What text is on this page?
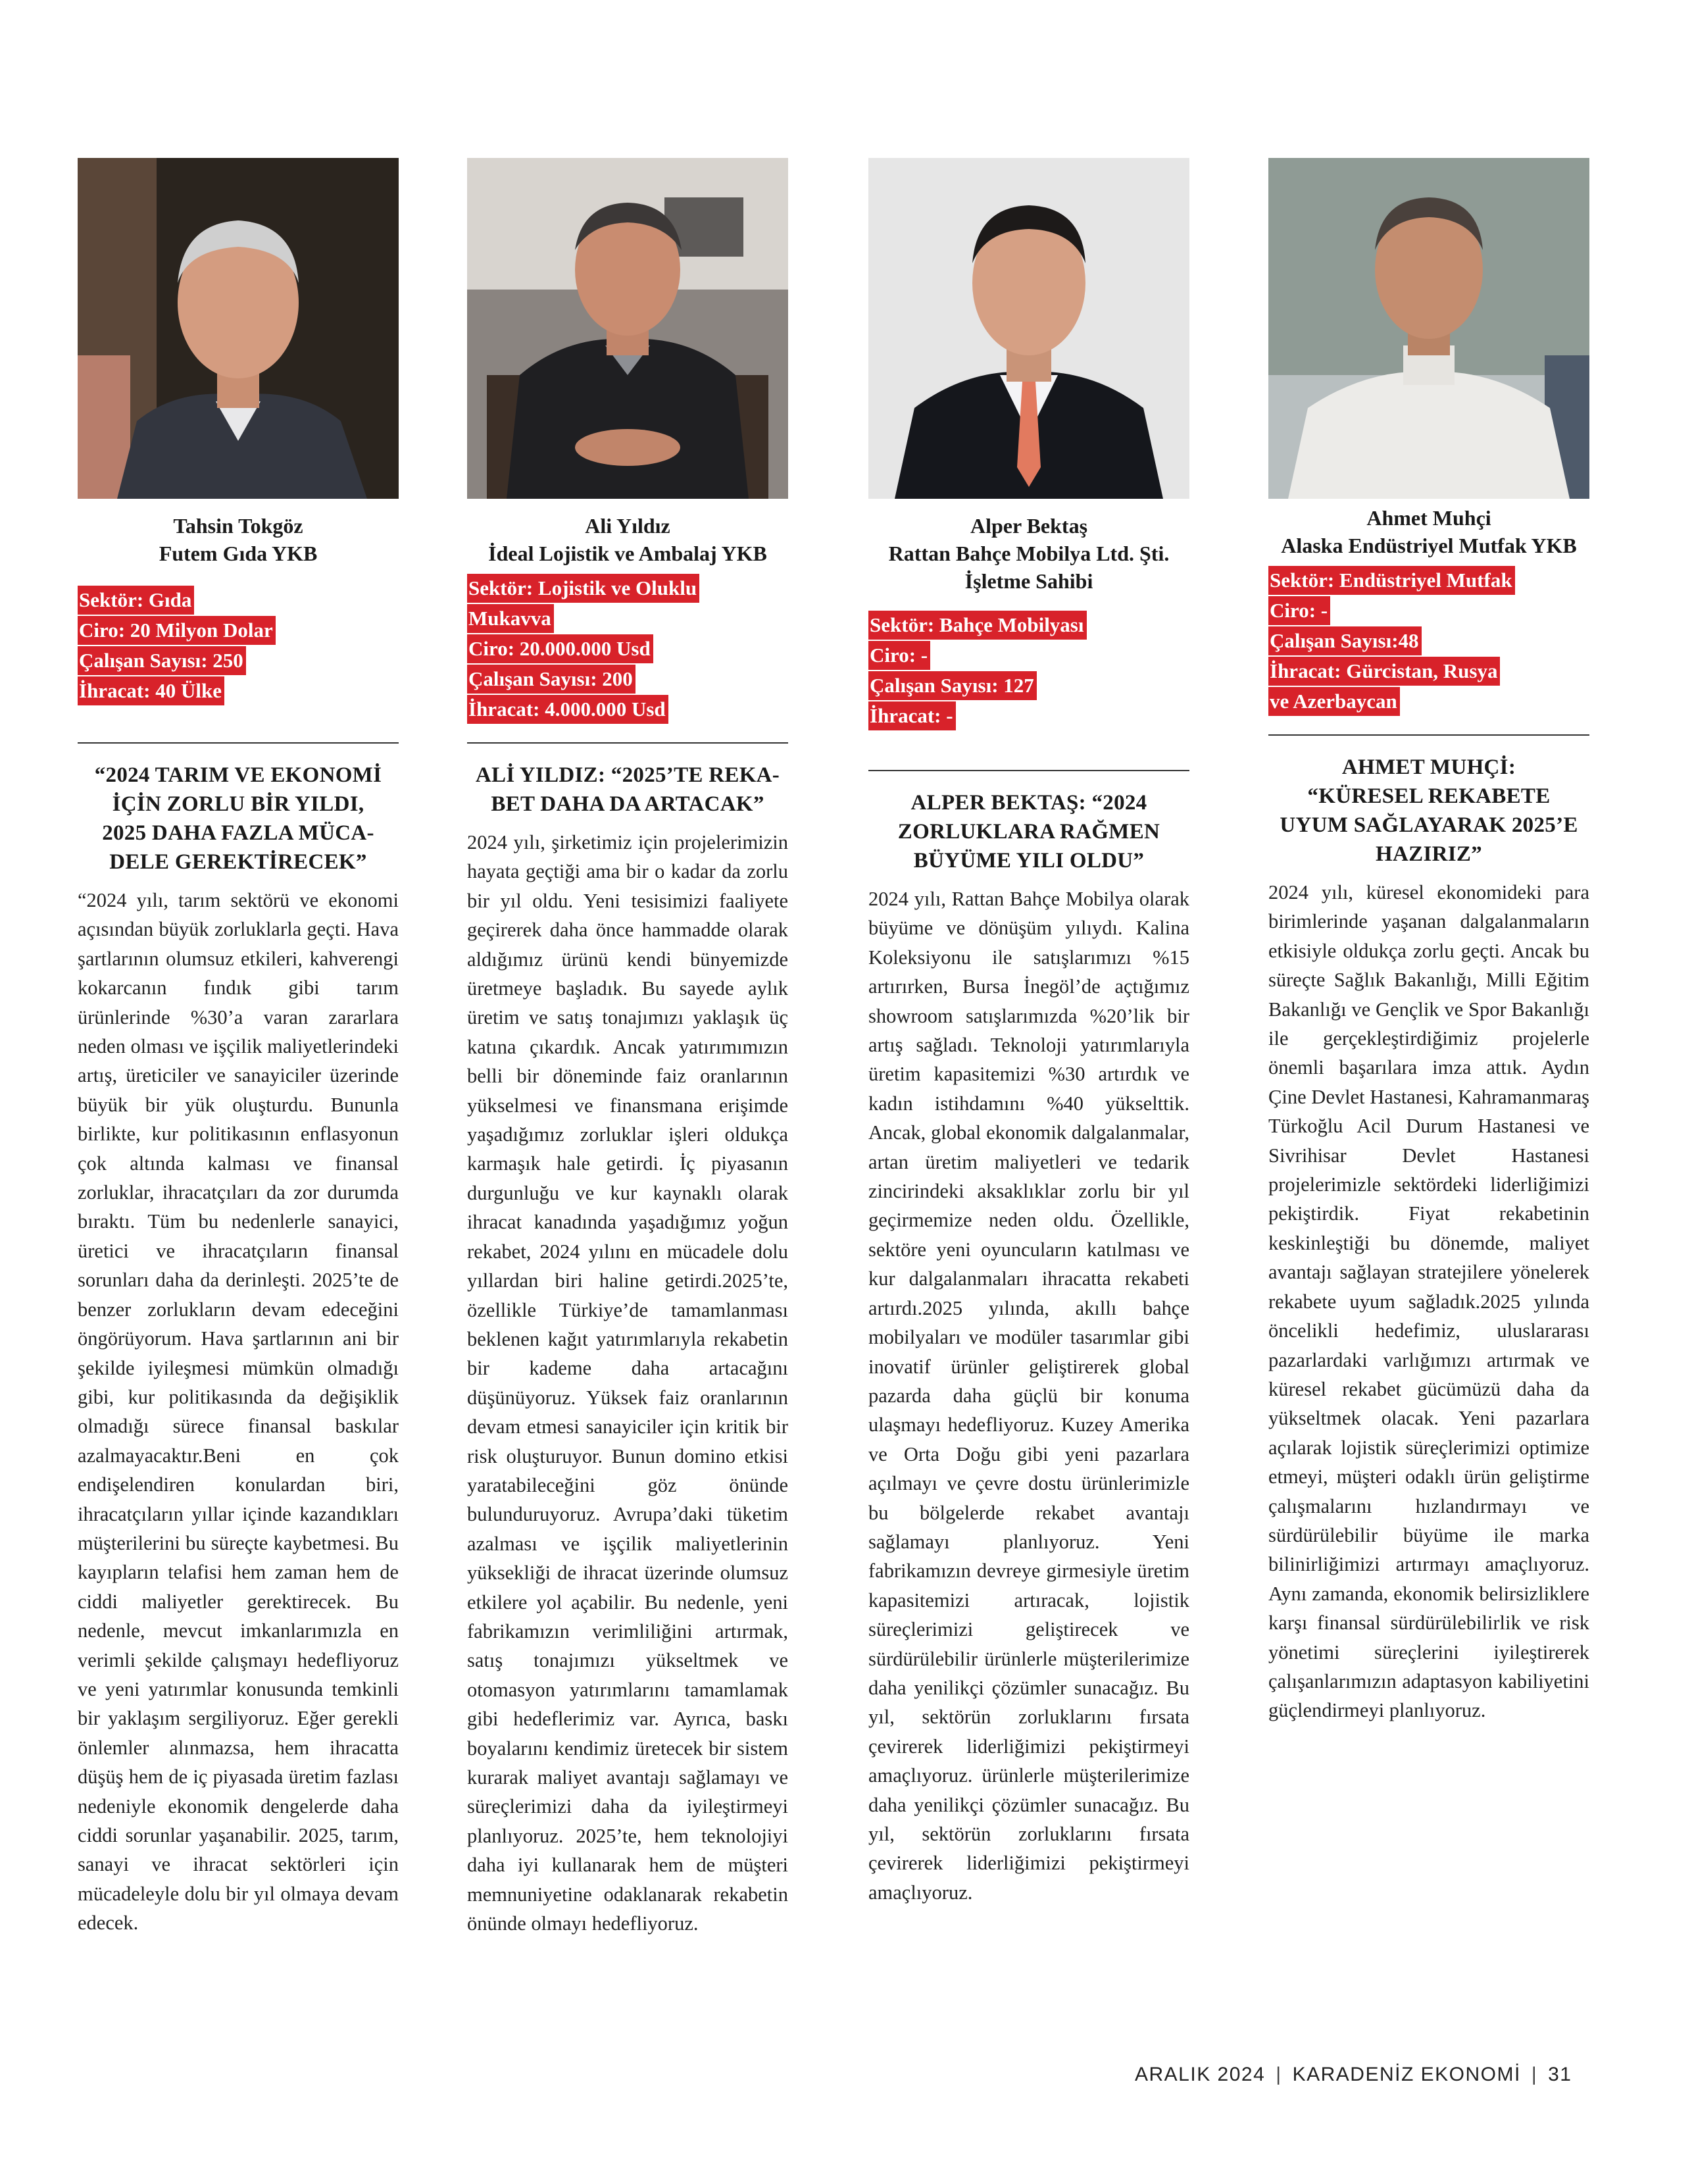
Tahsin Tokgöz
Futem Gıda YKB
Sektör: Gıda
Ciro: 20 Milyon Dolar
Çalışan Sayısı: 250
İhracat: 40 Ülke
“2024 TARIM VE EKONOMİ
İÇİN ZORLU BİR YILDI,
2025 DAHA FAZLA MÜCA-
DELE GEREKTİRECEK”
“2024 yılı, tarım sektörü ve ekonomi açısından büyük zorluklarla geçti. Hava şartlarının olumsuz etkileri, kahverengi kokarcanın fındık gibi tarım ürünlerinde %30’a varan zararlara neden olması ve işçilik maliyetlerindeki artış, üreticiler ve sanayiciler üzerinde büyük bir yük oluşturdu. Bununla birlikte, kur politikasının enflasyonun çok altında kalması ve finansal zorluklar, ihracatçıları da zor durumda bıraktı. Tüm bu nedenlerle sanayici, üretici ve ihracatçıların finansal sorunları daha da derinleşti. 2025’te de benzer zorlukların devam edeceğini öngörüyorum. Hava şartlarının ani bir şekilde iyileşmesi mümkün olmadığı gibi, kur politikasında da değişiklik olmadığı sürece finansal baskılar azalmayacaktır.Beni en çok endişelendiren konulardan biri, ihracatçıların yıllar içinde kazandıkları müşterilerini bu süreçte kaybetmesi. Bu kayıpların telafisi hem zaman hem de ciddi maliyetler gerektirecek. Bu nedenle, mevcut imkanlarımızla en verimli şekilde çalışmayı hedefliyoruz ve yeni yatırımlar konusunda temkinli bir yaklaşım sergiliyoruz. Eğer gerekli önlemler alınmazsa, hem ihracatta düşüş hem de iç piyasada üretim fazlası nedeniyle ekonomik dengelerde daha ciddi sorunlar yaşanabilir. 2025, tarım, sanayi ve ihracat sektörleri için mücadeleyle dolu bir yıl olmaya devam edecek.
Ali Yıldız
İdeal Lojistik ve Ambalaj YKB
Sektör: Lojistik ve Oluklu
Mukavva
Ciro: 20.000.000 Usd
Çalışan Sayısı: 200
İhracat: 4.000.000 Usd
ALİ YILDIZ: “2025’TE REKA-
BET DAHA DA ARTACAK”
2024 yılı, şirketimiz için projelerimizin hayata geçtiği ama bir o kadar da zorlu bir yıl oldu. Yeni tesisimizi faaliyete geçirerek daha önce hammadde olarak aldığımız ürünü kendi bünyemizde üretmeye başladık. Bu sayede aylık üretim ve satış tonajımızı yaklaşık üç katına çıkardık. Ancak yatırımımızın belli bir döneminde faiz oranlarının yükselmesi ve finansmana erişimde yaşadığımız zorluklar işleri oldukça karmaşık hale getirdi. İç piyasanın durgunluğu ve kur kaynaklı olarak ihracat kanadında yaşadığımız yoğun rekabet, 2024 yılını en mücadele dolu yıllardan biri haline getirdi.2025’te, özellikle Türkiye’de tamamlanması beklenen kağıt yatırımlarıyla rekabetin bir kademe daha artacağını düşünüyoruz. Yüksek faiz oranlarının devam etmesi sanayiciler için kritik bir risk oluşturuyor. Bunun domino etkisi yaratabileceğini göz önünde bulunduruyoruz. Avrupa’daki tüketim azalması ve işçilik maliyetlerinin yüksekliği de ihracat üzerinde olumsuz etkilere yol açabilir. Bu nedenle, yeni fabrikamızın verimliliğini artırmak, satış tonajımızı yükseltmek ve otomasyon yatırımlarını tamamlamak gibi hedeflerimiz var. Ayrıca, baskı boyalarını kendimiz üretecek bir sistem kurarak maliyet avantajı sağlamayı ve süreçlerimizi daha da iyileştirmeyi planlıyoruz. 2025’te, hem teknolojiyi daha iyi kullanarak hem de müşteri memnuniyetine odaklanarak rekabetin önünde olmayı hedefliyoruz.
Alper Bektaş
Rattan Bahçe Mobilya Ltd. Şti.
İşletme Sahibi
Sektör: Bahçe Mobilyası
Ciro: -
Çalışan Sayısı: 127
İhracat: -
ALPER BEKTAŞ: “2024
ZORLUKLARA RAĞMEN
BÜYÜME YILI OLDU”
2024 yılı, Rattan Bahçe Mobilya olarak büyüme ve dönüşüm yılıydı. Kalina Koleksiyonu ile satışlarımızı %15 artırırken, Bursa İnegöl’de açtığımız showroom satışlarımızda %20’lik bir artış sağladı. Teknoloji yatırımlarıyla üretim kapasitemizi %30 artırdık ve kadın istihdamını %40 yükselttik. Ancak, global ekonomik dalgalanmalar, artan üretim maliyetleri ve tedarik zincirindeki aksaklıklar zorlu bir yıl geçirmemize neden oldu. Özellikle, sektöre yeni oyuncuların katılması ve kur dalgalanmaları ihracatta rekabeti artırdı.2025 yılında, akıllı bahçe mobilyaları ve modüler tasarımlar gibi inovatif ürünler geliştirerek global pazarda daha güçlü bir konuma ulaşmayı hedefliyoruz. Kuzey Amerika ve Orta Doğu gibi yeni pazarlara açılmayı ve çevre dostu ürünlerimizle bu bölgelerde rekabet avantajı sağlamayı planlıyoruz. Yeni fabrikamızın devreye girmesiyle üretim kapasitemizi artıracak, lojistik süreçlerimizi geliştirecek ve sürdürülebilir ürünlerle müşterilerimize daha yenilikçi çözümler sunacağız. Bu yıl, sektörün zorluklarını fırsata çevirerek liderliğimizi pekiştirmeyi amaçlıyoruz. ürünlerle müşterilerimize daha yenilikçi çözümler sunacağız. Bu yıl, sektörün zorluklarını fırsata çevirerek liderliğimizi pekiştirmeyi amaçlıyoruz.
Ahmet Muhçi
Alaska Endüstriyel Mutfak YKB
Sektör: Endüstriyel Mutfak
Ciro: -
Çalışan Sayısı:48
İhracat: Gürcistan, Rusya
ve Azerbaycan
AHMET MUHÇİ:
“KÜRESEL REKABETE
UYUM SAĞLAYARAK 2025’E
HAZIRIZ”
2024 yılı, küresel ekonomideki para birimlerinde yaşanan dalgalanmaların etkisiyle oldukça zorlu geçti. Ancak bu süreçte Sağlık Bakanlığı, Milli Eğitim Bakanlığı ve Gençlik ve Spor Bakanlığı ile gerçekleştirdiğimiz projelerle önemli başarılara imza attık. Aydın Çine Devlet Hastanesi, Kahramanmaraş Türkoğlu Acil Durum Hastanesi ve Sivrihisar Devlet Hastanesi projelerimizle sektördeki liderliğimizi pekiştirdik. Fiyat rekabetinin keskinleştiği bu dönemde, maliyet avantajı sağlayan stratejilere yönelerek rekabete uyum sağladık.2025 yılında öncelikli hedefimiz, uluslararası pazarlardaki varlığımızı artırmak ve küresel rekabet gücümüzü daha da yükseltmek olacak. Yeni pazarlara açılarak lojistik süreçlerimizi optimize etmeyi, müşteri odaklı ürün geliştirme çalışmalarını hızlandırmayı ve sürdürülebilir büyüme ile marka bilinirliğimizi artırmayı amaçlıyoruz. Aynı zamanda, ekonomik belirsizliklere karşı finansal sürdürülebilirlik ve risk yönetimi süreçlerini iyileştirerek çalışanlarımızın adaptasyon kabiliyetini güçlendirmeyi planlıyoruz.
ARALIK 2024 | KARADENİZ EKONOMİ | 31
